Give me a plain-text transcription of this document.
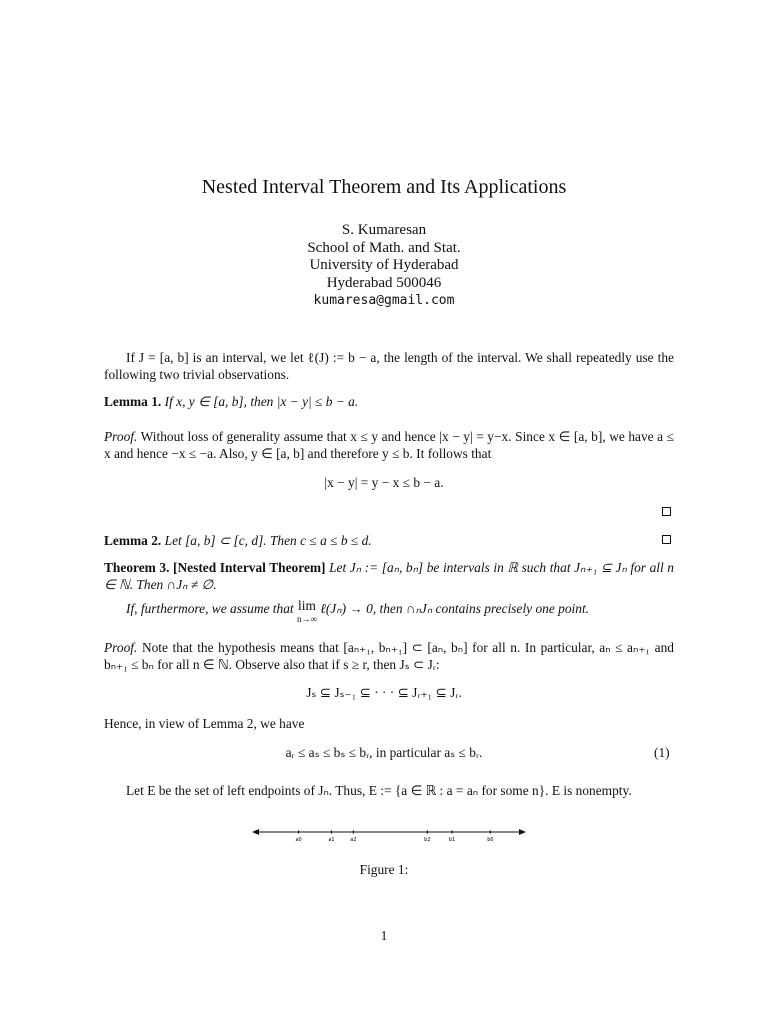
Nested Interval Theorem and Its Applications
S. Kumaresan
School of Math. and Stat.
University of Hyderabad
Hyderabad 500046
kumaresa@gmail.com
If J = [a, b] is an interval, we let ℓ(J) := b − a, the length of the interval. We shall repeatedly use the following two trivial observations.
Lemma 1. If x, y ∈ [a, b], then |x − y| ≤ b − a.
Proof. Without loss of generality assume that x ≤ y and hence |x − y| = y−x. Since x ∈ [a, b], we have a ≤ x and hence −x ≤ −a. Also, y ∈ [a, b] and therefore y ≤ b. It follows that
|x − y| = y − x ≤ b − a.
Lemma 2. Let [a, b] ⊂ [c, d]. Then c ≤ a ≤ b ≤ d.
Theorem 3. [Nested Interval Theorem] Let Jₙ := [aₙ, bₙ] be intervals in ℝ such that Jₙ₊₁ ⊆ Jₙ for all n ∈ ℕ. Then ∩Jₙ ≠ ∅.
If, furthermore, we assume that lim
n→∞ ℓ(Jₙ) → 0, then ∩ₙJₙ contains precisely one point.
Proof. Note that the hypothesis means that [aₙ₊₁, bₙ₊₁] ⊂ [aₙ, bₙ] for all n. In particular, aₙ ≤ aₙ₊₁ and bₙ₊₁ ≤ bₙ for all n ∈ ℕ. Observe also that if s ≥ r, then Jₛ ⊂ Jᵣ:
Jₛ ⊆ Jₛ₋₁ ⊆ · · · ⊆ Jᵣ₊₁ ⊆ Jᵣ.
Hence, in view of Lemma 2, we have
aᵣ ≤ aₛ ≤ bₛ ≤ bᵣ, in particular aₛ ≤ bᵣ.	(1)
Let E be the set of left endpoints of Jₙ. Thus, E := {a ∈ ℝ : a = aₙ for some n}. E is nonempty.
a0	a1	a2	b2	b1	b0
Figure 1:
1
